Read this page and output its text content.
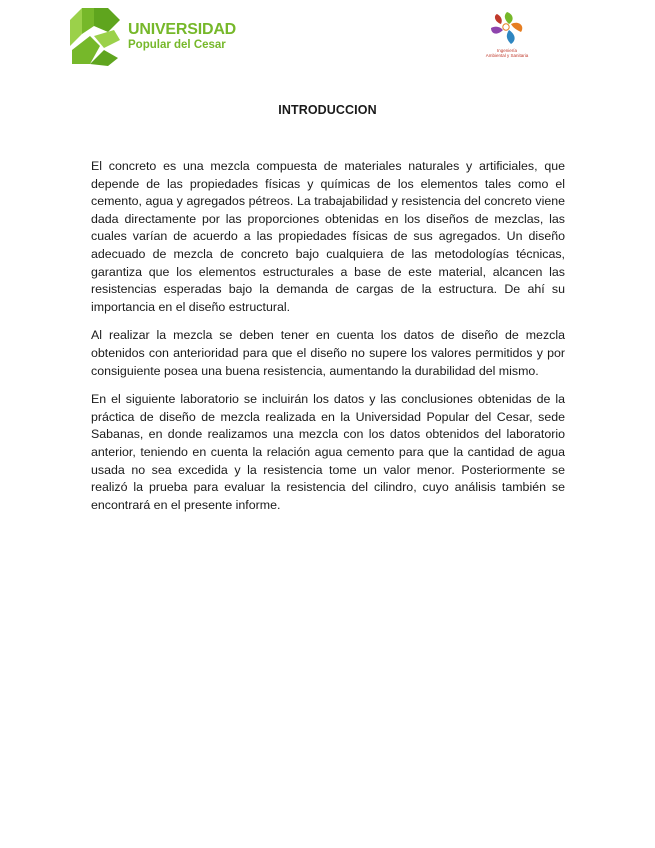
UNIVERSIDAD
Popular del Cesar	Ingeniería
Ambiental y Sanitaria
INTRODUCCION

El concreto es una mezcla compuesta de materiales naturales y artificiales, que depende de las propiedades físicas y químicas de los elementos tales como el cemento, agua y agregados pétreos. La trabajabilidad y resistencia del concreto viene dada directamente por las proporciones obtenidas en los diseños de mezclas, las cuales varían de acuerdo a las propiedades físicas de sus agregados. Un diseño adecuado de mezcla de concreto bajo cualquiera de las metodologías técnicas, garantiza que los elementos estructurales a base de este material, alcancen las resistencias esperadas bajo la demanda de cargas de la estructura. De ahí su importancia en el diseño estructural.

Al realizar la mezcla se deben tener en cuenta los datos de diseño de mezcla obtenidos con anterioridad para que el diseño no supere los valores permitidos y por consiguiente posea una buena resistencia, aumentando la durabilidad del mismo.

En el siguiente laboratorio se incluirán los datos y las conclusiones obtenidas de la práctica de diseño de mezcla realizada en la Universidad Popular del Cesar, sede Sabanas, en donde realizamos una mezcla con los datos obtenidos del laboratorio anterior, teniendo en cuenta la relación agua cemento para que la cantidad de agua usada no sea excedida y la resistencia tome un valor menor. Posteriormente se realizó la prueba para evaluar la resistencia del cilindro, cuyo análisis también se encontrará en el presente informe.
